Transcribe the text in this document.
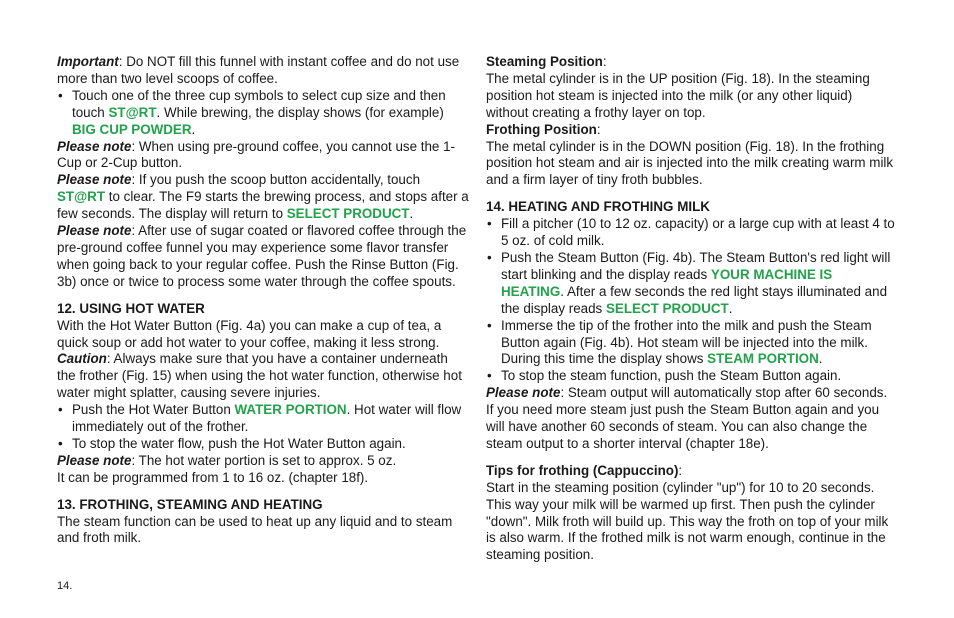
Important: Do NOT fill this funnel with instant coffee and do not use more than two level scoops of coffee.

• Touch one of the three cup symbols to select cup size and then touch ST@RT. While brewing, the display shows (for example) BIG CUP POWDER.

Please note: When using pre-ground coffee, you cannot use the 1-Cup or 2-Cup button.

Please note: If you push the scoop button accidentally, touch ST@RT to clear. The F9 starts the brewing process, and stops after a few seconds. The display will return to SELECT PRODUCT.

Please note: After use of sugar coated or flavored coffee through the pre-ground coffee funnel you may experience some flavor transfer when going back to your regular coffee. Push the Rinse Button (Fig. 3b) once or twice to process some water through the coffee spouts.

12. USING HOT WATER

With the Hot Water Button (Fig. 4a) you can make a cup of tea, a quick soup or add hot water to your coffee, making it less strong.

Caution: Always make sure that you have a container underneath the frother (Fig. 15) when using the hot water function, otherwise hot water might splatter, causing severe injuries.

• Push the Hot Water Button WATER PORTION. Hot water will flow immediately out of the frother.

• To stop the water flow, push the Hot Water Button again.

Please note: The hot water portion is set to approx. 5 oz.
It can be programmed from 1 to 16 oz. (chapter 18f).

13. FROTHING, STEAMING AND HEATING

The steam function can be used to heat up any liquid and to steam and froth milk.

Steaming Position:

The metal cylinder is in the UP position (Fig. 18). In the steaming position hot steam is injected into the milk (or any other liquid) without creating a frothy layer on top.

Frothing Position:

The metal cylinder is in the DOWN position (Fig. 18). In the frothing position hot steam and air is injected into the milk creating warm milk and a firm layer of tiny froth bubbles.

14. HEATING AND FROTHING MILK

• Fill a pitcher (10 to 12 oz. capacity) or a large cup with at least 4 to 5 oz. of cold milk.

• Push the Steam Button (Fig. 4b). The Steam Button's red light will start blinking and the display reads YOUR MACHINE IS HEATING. After a few seconds the red light stays illuminated and the display reads SELECT PRODUCT.

• Immerse the tip of the frother into the milk and push the Steam Button again (Fig. 4b). Hot steam will be injected into the milk. During this time the display shows STEAM PORTION.

• To stop the steam function, push the Steam Button again.

Please note: Steam output will automatically stop after 60 seconds. If you need more steam just push the Steam Button again and you will have another 60 seconds of steam. You can also change the steam output to a shorter interval (chapter 18e).

Tips for frothing (Cappuccino):

Start in the steaming position (cylinder "up") for 10 to 20 seconds. This way your milk will be warmed up first. Then push the cylinder "down". Milk froth will build up. This way the froth on top of your milk is also warm. If the frothed milk is not warm enough, continue in the steaming position.

14.
